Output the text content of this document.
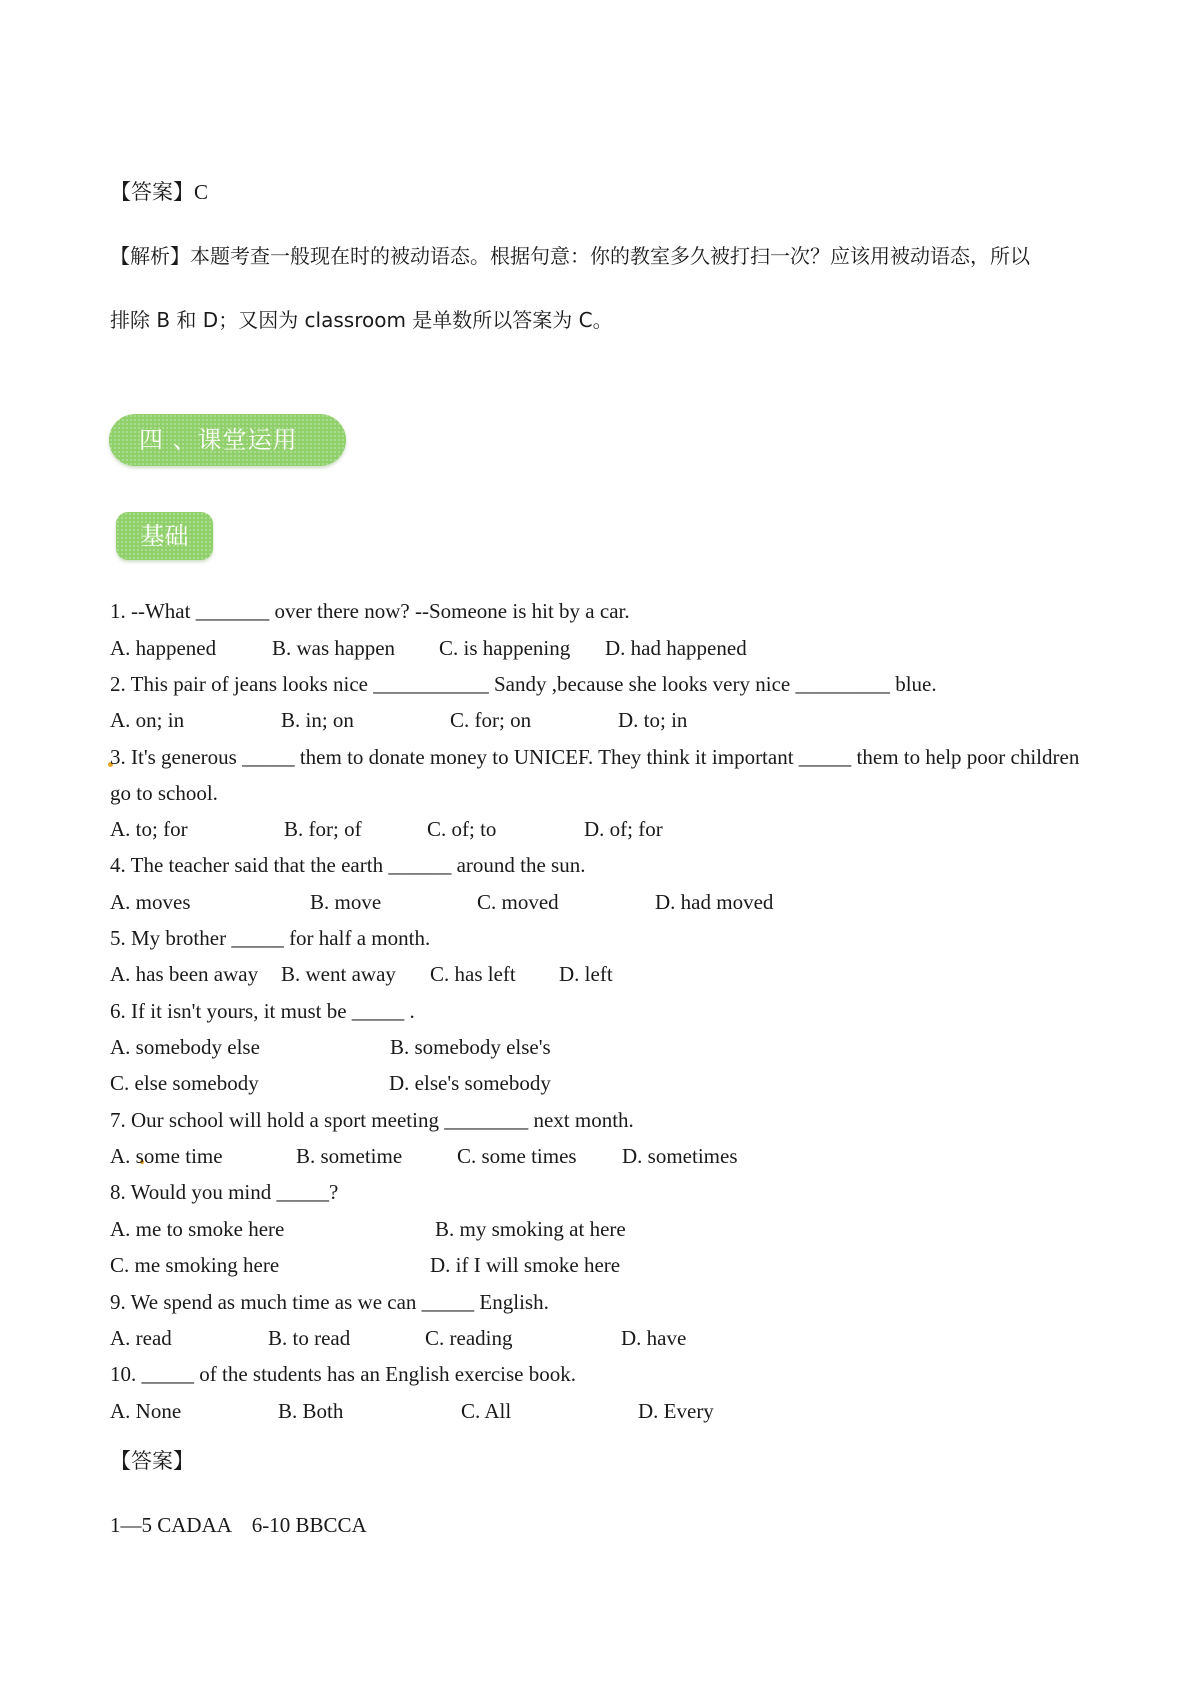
【答案】C
【解析】本题考查一般现在时的被动语态。根据句意：你的教室多久被打扫一次？应该用被动语态，所以
排除 B 和 D；又因为 classroom 是单数所以答案为 C。
四 、课堂运用
基础
1. --What _______ over there now? --Someone is hit by a car.
A. happened	B. was happen C. is happening D. had happened
2. This pair of jeans looks nice ___________ Sandy ,because she looks very nice _________ blue.
A. on; in	B. in; on	C. for; on	D. to; in
3. It's generous _____ them to donate money to UNICEF. They think it important _____ them to help poor children
go to school.
A. to; for	B. for; of	C. of; to	D. of; for
4. The teacher said that the earth ______ around the sun.
A. moves	B. move	C. moved	D. had moved
5. My brother _____ for half a month.
A. has been away B. went away C. has left D. left
6. If it isn't yours, it must be _____ .
A. somebody else	B. somebody else's
C. else somebody	D. else's somebody
7. Our school will hold a sport meeting ________ next month.
A. some time	B. sometime	C. some times D. sometimes
8. Would you mind _____?
A. me to smoke here	B. my smoking at here
C. me smoking here	D. if I will smoke here
9. We spend as much time as we can _____ English.
A. read	B. to read	C. reading	D. have
10. _____ of the students has an English exercise book.
A. None	B. Both	C. All	D. Every
【答案】
1—5 CADAA    6-10 BBCCA
